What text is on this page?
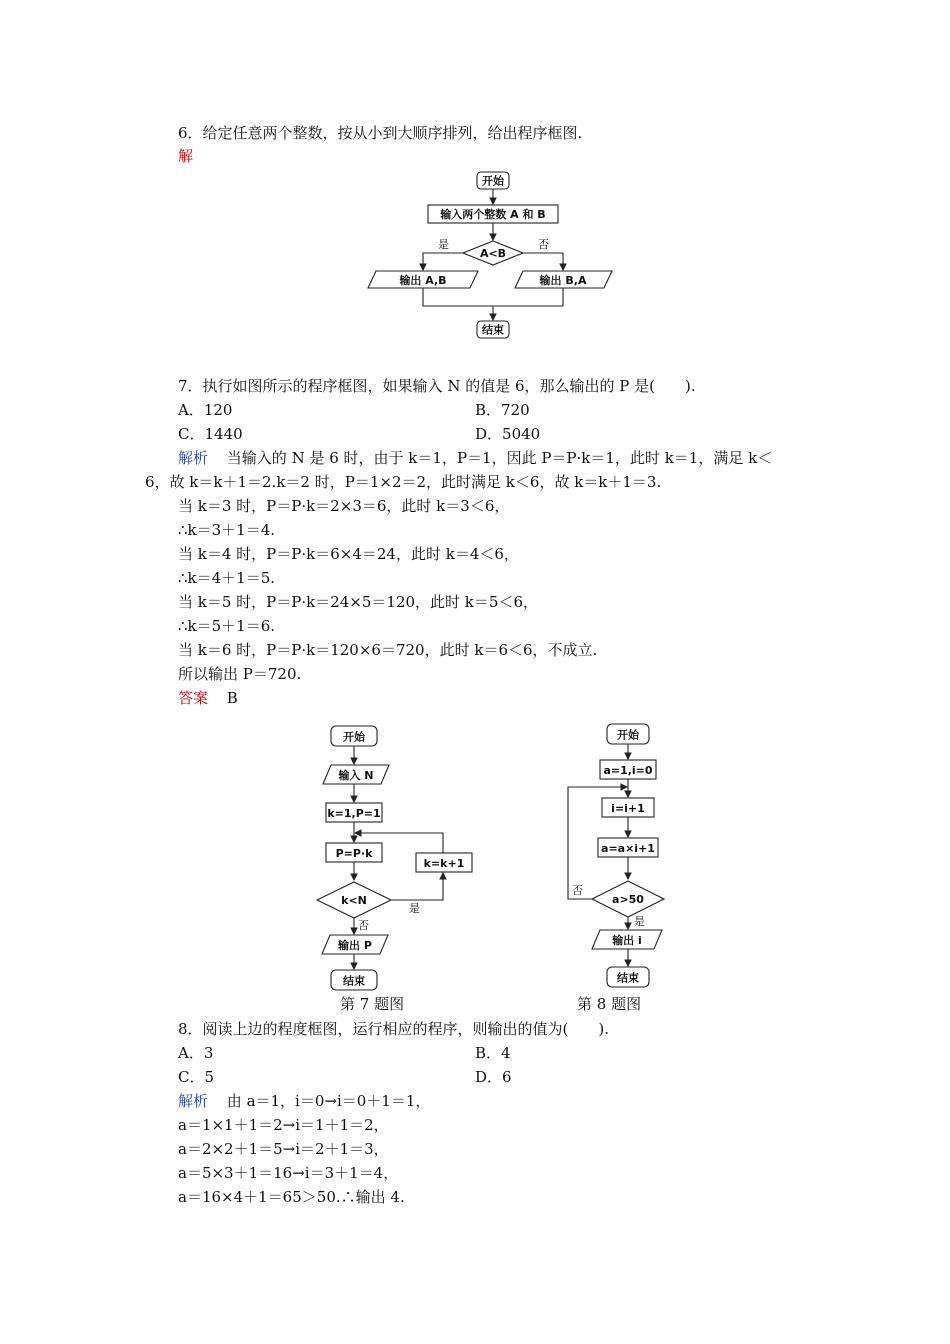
6．给定任意两个整数，按从小到大顺序排列，给出程序框图.
解
开始
输入两个整数 A 和 B
A<B
是	否
输出 A,B	输出 B,A
结束
7．执行如图所示的程序框图，如果输入 N 的值是 6，那么输出的 P 是(　　).
A．120	B．720
C．1440	D．5040
解析 当输入的 N 是 6 时，由于 k＝1，P＝1，因此 P＝P·k＝1，此时 k＝1，满足 k＜
6，故 k＝k＋1＝2.k＝2 时，P＝1×2＝2，此时满足 k＜6，故 k＝k＋1＝3.
当 k＝3 时，P＝P·k＝2×3＝6，此时 k＝3＜6，
∴k＝3＋1＝4.
当 k＝4 时，P＝P·k＝6×4＝24，此时 k＝4＜6，
∴k＝4＋1＝5.
当 k＝5 时，P＝P·k＝24×5＝120，此时 k＝5＜6，
∴k＝5＋1＝6.
当 k＝6 时，P＝P·k＝120×6＝720，此时 k＝6＜6，不成立.
所以输出 P＝720.
答案 B
开始
输入 N
k=1,P=1
P=P·k
k<N
是
k=k+1
否
输出 P
结束
第 7 题图
开始
a=1,i=0
i=i+1
a=a×i+1
a>50
否
是
输出 i
结束
第 8 题图
8．阅读上边的程度框图，运行相应的程序，则输出的值为(　　).
A．3	B．4
C．5	D．6
解析 由 a＝1，i＝0→i＝0＋1＝1，
a＝1×1＋1＝2→i＝1＋1＝2，
a＝2×2＋1＝5→i＝2＋1＝3，
a＝5×3＋1＝16→i＝3＋1＝4，
a＝16×4＋1＝65＞50.∴输出 4.
